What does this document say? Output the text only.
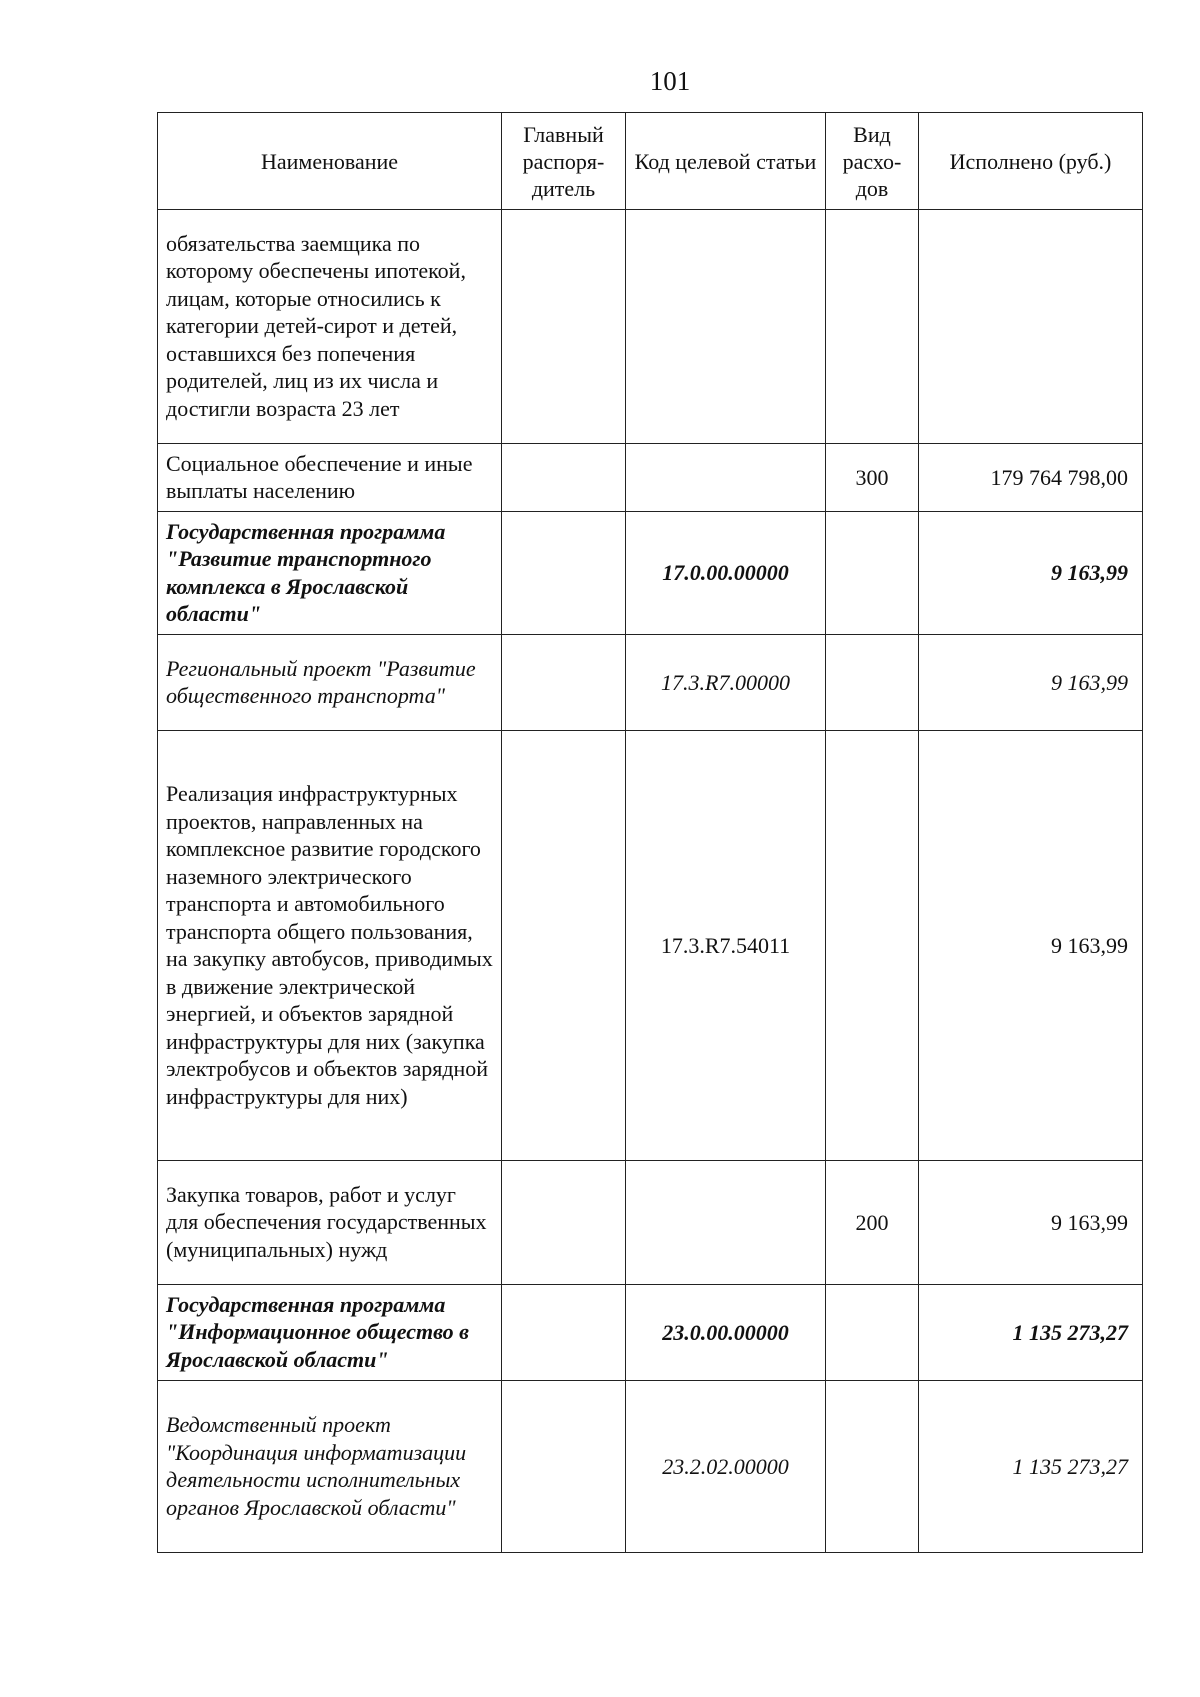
101
Наименование	Главный распоря- дитель	Код целевой статьи	Вид расхо- дов	Исполнено (руб.)
обязательства заемщика по которому обеспечены ипотекой, лицам, которые относились к категории детей-сирот и детей, оставшихся без попечения родителей, лиц из их числа и достигли возраста 23 лет				
Социальное обеспечение и иные выплаты населению			300	179 764 798,00
Государственная программа "Развитие транспортного комплекса в Ярославской области"		17.0.00.00000		9 163,99
Региональный проект "Развитие общественного транспорта"		17.3.R7.00000		9 163,99
Реализация инфраструктурных проектов, направленных на комплексное развитие городского наземного электрического транспорта и автомобильного транспорта общего пользования, на закупку автобусов, приводимых в движение электрической энергией, и объектов зарядной инфраструктуры для них (закупка электробусов и объектов зарядной инфраструктуры для них)		17.3.R7.54011		9 163,99
Закупка товаров, работ и услуг для обеспечения государственных (муниципальных) нужд			200	9 163,99
Государственная программа "Информационное общество в Ярославской области"		23.0.00.00000		1 135 273,27
Ведомственный проект "Координация информатизации деятельности исполнительных органов Ярославской области"		23.2.02.00000		1 135 273,27
